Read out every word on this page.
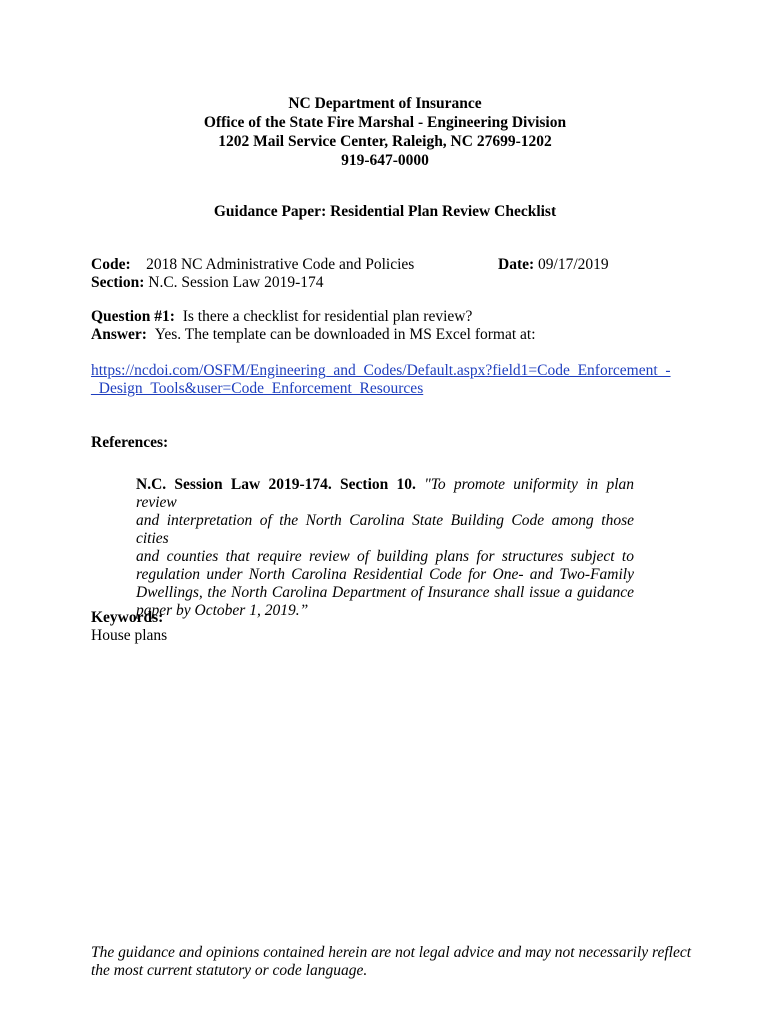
NC Department of Insurance
Office of the State Fire Marshal - Engineering Division
1202 Mail Service Center, Raleigh, NC 27699-1202
919-647-0000
Guidance Paper: Residential Plan Review Checklist
Code: 2018 NC Administrative Code and Policies	Date: 09/17/2019
Section: N.C. Session Law 2019-174
Question #1: Is there a checklist for residential plan review?
Answer: Yes. The template can be downloaded in MS Excel format at:
https://ncdoi.com/OSFM/Engineering_and_Codes/Default.aspx?field1=Code_Enforcement_-
_Design_Tools&user=Code_Enforcement_Resources
References:
N.C. Session Law 2019-174. Section 10. "To promote uniformity in plan review
and interpretation of the North Carolina State Building Code among those cities
and counties that require review of building plans for structures subject to
regulation under North Carolina Residential Code for One- and Two-Family
Dwellings, the North Carolina Department of Insurance shall issue a guidance
paper by October 1, 2019.”
Keywords:
House plans
The guidance and opinions contained herein are not legal advice and may not necessarily reflect
the most current statutory or code language.
